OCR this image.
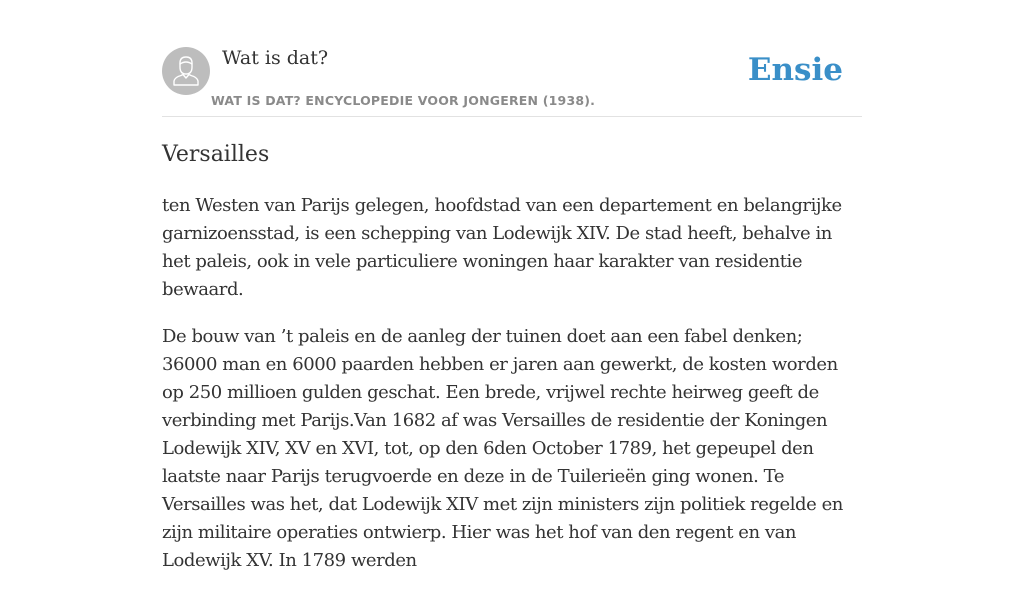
Wat is dat?
WAT IS DAT? ENCYCLOPEDIE VOOR JONGEREN (1938).
Ensie
Versailles

ten Westen van Parijs gelegen, hoofdstad van een departement en belangrijke garnizoensstad, is een schepping van Lodewijk XIV. De stad heeft, behalve in het paleis, ook in vele particuliere woningen haar karakter van residentie bewaard.

De bouw van ’t paleis en de aanleg der tuinen doet aan een fabel denken; 36000 man en 6000 paarden hebben er jaren aan gewerkt, de kosten worden op 250 millioen gulden geschat. Een brede, vrijwel rechte heirweg geeft de verbinding met Parijs.Van 1682 af was Versailles de residentie der Koningen Lodewijk XIV, XV en XVI, tot, op den 6den October 1789, het gepeupel den laatste naar Parijs terugvoerde en deze in de Tuilerieën ging wonen. Te Versailles was het, dat Lodewijk XIV met zijn ministers zijn politiek regelde en zijn militaire operaties ontwierp. Hier was het hof van den regent en van Lodewijk XV. In 1789 werden
